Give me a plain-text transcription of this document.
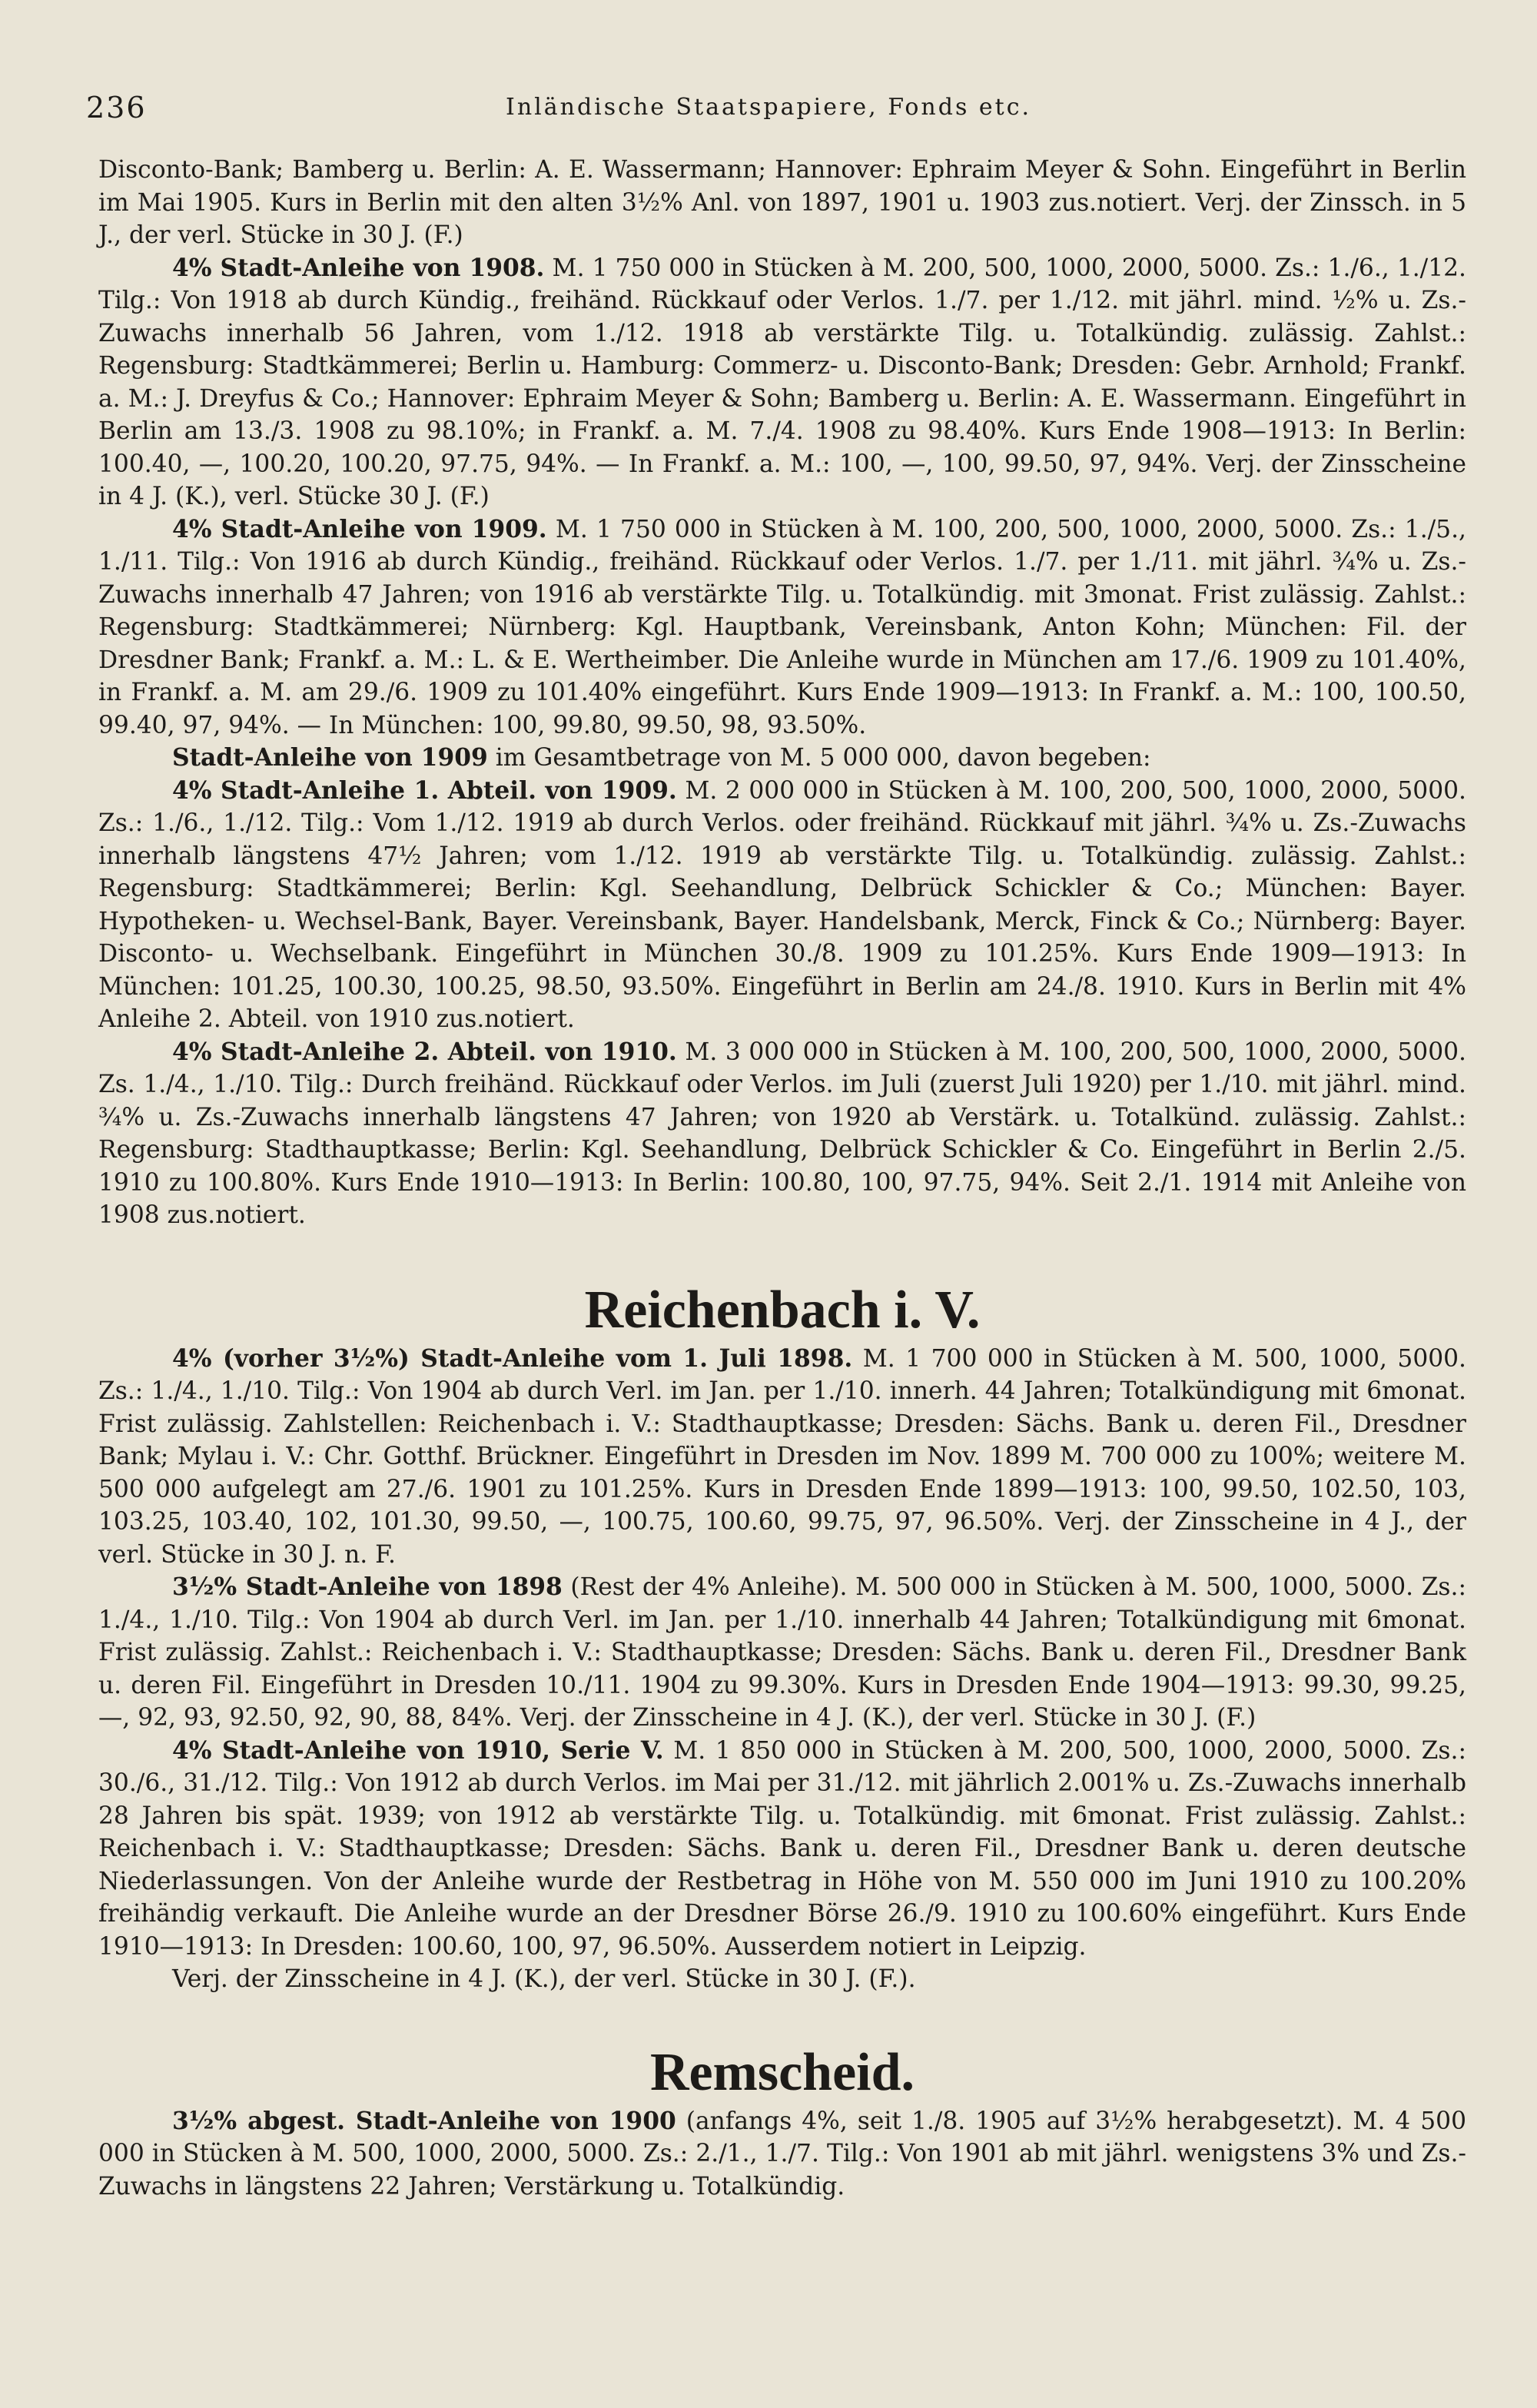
236	Inländische Staatspapiere, Fonds etc.

Disconto-Bank; Bamberg u. Berlin: A. E. Wassermann; Hannover: Ephraim Meyer & Sohn. Eingeführt in Berlin im Mai 1905. Kurs in Berlin mit den alten 3½% Anl. von 1897, 1901 u. 1903 zus.notiert. Verj. der Zinssch. in 5 J., der verl. Stücke in 30 J. (F.)

4% Stadt-Anleihe von 1908. M. 1 750 000 in Stücken à M. 200, 500, 1000, 2000, 5000. Zs.: 1./6., 1./12. Tilg.: Von 1918 ab durch Kündig., freihänd. Rückkauf oder Verlos. 1./7. per 1./12. mit jährl. mind. ½% u. Zs.-Zuwachs innerhalb 56 Jahren, vom 1./12. 1918 ab verstärkte Tilg. u. Totalkündig. zulässig. Zahlst.: Regensburg: Stadtkämmerei; Berlin u. Hamburg: Commerz- u. Disconto-Bank; Dresden: Gebr. Arnhold; Frankf. a. M.: J. Dreyfus & Co.; Hannover: Ephraim Meyer & Sohn; Bamberg u. Berlin: A. E. Wassermann. Eingeführt in Berlin am 13./3. 1908 zu 98.10%; in Frankf. a. M. 7./4. 1908 zu 98.40%. Kurs Ende 1908—1913: In Berlin: 100.40, —, 100.20, 100.20, 97.75, 94%. — In Frankf. a. M.: 100, —, 100, 99.50, 97, 94%. Verj. der Zinsscheine in 4 J. (K.), verl. Stücke 30 J. (F.)

4% Stadt-Anleihe von 1909. M. 1 750 000 in Stücken à M. 100, 200, 500, 1000, 2000, 5000. Zs.: 1./5., 1./11. Tilg.: Von 1916 ab durch Kündig., freihänd. Rückkauf oder Verlos. 1./7. per 1./11. mit jährl. ¾% u. Zs.-Zuwachs innerhalb 47 Jahren; von 1916 ab verstärkte Tilg. u. Totalkündig. mit 3monat. Frist zulässig. Zahlst.: Regensburg: Stadtkämmerei; Nürnberg: Kgl. Hauptbank, Vereinsbank, Anton Kohn; München: Fil. der Dresdner Bank; Frankf. a. M.: L. & E. Wertheimber. Die Anleihe wurde in München am 17./6. 1909 zu 101.40%, in Frankf. a. M. am 29./6. 1909 zu 101.40% eingeführt. Kurs Ende 1909—1913: In Frankf. a. M.: 100, 100.50, 99.40, 97, 94%. — In München: 100, 99.80, 99.50, 98, 93.50%.

Stadt-Anleihe von 1909 im Gesamtbetrage von M. 5 000 000, davon begeben:

4% Stadt-Anleihe 1. Abteil. von 1909. M. 2 000 000 in Stücken à M. 100, 200, 500, 1000, 2000, 5000. Zs.: 1./6., 1./12. Tilg.: Vom 1./12. 1919 ab durch Verlos. oder freihänd. Rückkauf mit jährl. ¾% u. Zs.-Zuwachs innerhalb längstens 47½ Jahren; vom 1./12. 1919 ab verstärkte Tilg. u. Totalkündig. zulässig. Zahlst.: Regensburg: Stadtkämmerei; Berlin: Kgl. Seehandlung, Delbrück Schickler & Co.; München: Bayer. Hypotheken- u. Wechsel-Bank, Bayer. Vereinsbank, Bayer. Handelsbank, Merck, Finck & Co.; Nürnberg: Bayer. Disconto- u. Wechselbank. Eingeführt in München 30./8. 1909 zu 101.25%. Kurs Ende 1909—1913: In München: 101.25, 100.30, 100.25, 98.50, 93.50%. Eingeführt in Berlin am 24./8. 1910. Kurs in Berlin mit 4% Anleihe 2. Abteil. von 1910 zus.notiert.

4% Stadt-Anleihe 2. Abteil. von 1910. M. 3 000 000 in Stücken à M. 100, 200, 500, 1000, 2000, 5000. Zs. 1./4., 1./10. Tilg.: Durch freihänd. Rückkauf oder Verlos. im Juli (zuerst Juli 1920) per 1./10. mit jährl. mind. ¾% u. Zs.-Zuwachs innerhalb längstens 47 Jahren; von 1920 ab Verstärk. u. Totalkünd. zulässig. Zahlst.: Regensburg: Stadthauptkasse; Berlin: Kgl. Seehandlung, Delbrück Schickler & Co. Eingeführt in Berlin 2./5. 1910 zu 100.80%. Kurs Ende 1910—1913: In Berlin: 100.80, 100, 97.75, 94%. Seit 2./1. 1914 mit Anleihe von 1908 zus.notiert.

Reichenbach i. V.

4% (vorher 3½%) Stadt-Anleihe vom 1. Juli 1898. M. 1 700 000 in Stücken à M. 500, 1000, 5000. Zs.: 1./4., 1./10. Tilg.: Von 1904 ab durch Verl. im Jan. per 1./10. innerh. 44 Jahren; Totalkündigung mit 6monat. Frist zulässig. Zahlstellen: Reichenbach i. V.: Stadthauptkasse; Dresden: Sächs. Bank u. deren Fil., Dresdner Bank; Mylau i. V.: Chr. Gotthf. Brückner. Eingeführt in Dresden im Nov. 1899 M. 700 000 zu 100%; weitere M. 500 000 aufgelegt am 27./6. 1901 zu 101.25%. Kurs in Dresden Ende 1899—1913: 100, 99.50, 102.50, 103, 103.25, 103.40, 102, 101.30, 99.50, —, 100.75, 100.60, 99.75, 97, 96.50%. Verj. der Zinsscheine in 4 J., der verl. Stücke in 30 J. n. F.

3½% Stadt-Anleihe von 1898 (Rest der 4% Anleihe). M. 500 000 in Stücken à M. 500, 1000, 5000. Zs.: 1./4., 1./10. Tilg.: Von 1904 ab durch Verl. im Jan. per 1./10. innerhalb 44 Jahren; Totalkündigung mit 6monat. Frist zulässig. Zahlst.: Reichenbach i. V.: Stadthauptkasse; Dresden: Sächs. Bank u. deren Fil., Dresdner Bank u. deren Fil. Eingeführt in Dresden 10./11. 1904 zu 99.30%. Kurs in Dresden Ende 1904—1913: 99.30, 99.25, —, 92, 93, 92.50, 92, 90, 88, 84%. Verj. der Zinsscheine in 4 J. (K.), der verl. Stücke in 30 J. (F.)

4% Stadt-Anleihe von 1910, Serie V. M. 1 850 000 in Stücken à M. 200, 500, 1000, 2000, 5000. Zs.: 30./6., 31./12. Tilg.: Von 1912 ab durch Verlos. im Mai per 31./12. mit jährlich 2.001% u. Zs.-Zuwachs innerhalb 28 Jahren bis spät. 1939; von 1912 ab verstärkte Tilg. u. Totalkündig. mit 6monat. Frist zulässig. Zahlst.: Reichenbach i. V.: Stadthauptkasse; Dresden: Sächs. Bank u. deren Fil., Dresdner Bank u. deren deutsche Niederlassungen. Von der Anleihe wurde der Restbetrag in Höhe von M. 550 000 im Juni 1910 zu 100.20% freihändig verkauft. Die Anleihe wurde an der Dresdner Börse 26./9. 1910 zu 100.60% eingeführt. Kurs Ende 1910—1913: In Dresden: 100.60, 100, 97, 96.50%. Ausserdem notiert in Leipzig.

Verj. der Zinsscheine in 4 J. (K.), der verl. Stücke in 30 J. (F.).

Remscheid.

3½% abgest. Stadt-Anleihe von 1900 (anfangs 4%, seit 1./8. 1905 auf 3½% herabgesetzt). M. 4 500 000 in Stücken à M. 500, 1000, 2000, 5000. Zs.: 2./1., 1./7. Tilg.: Von 1901 ab mit jährl. wenigstens 3% und Zs.-Zuwachs in längstens 22 Jahren; Verstärkung u. Totalkündig.
